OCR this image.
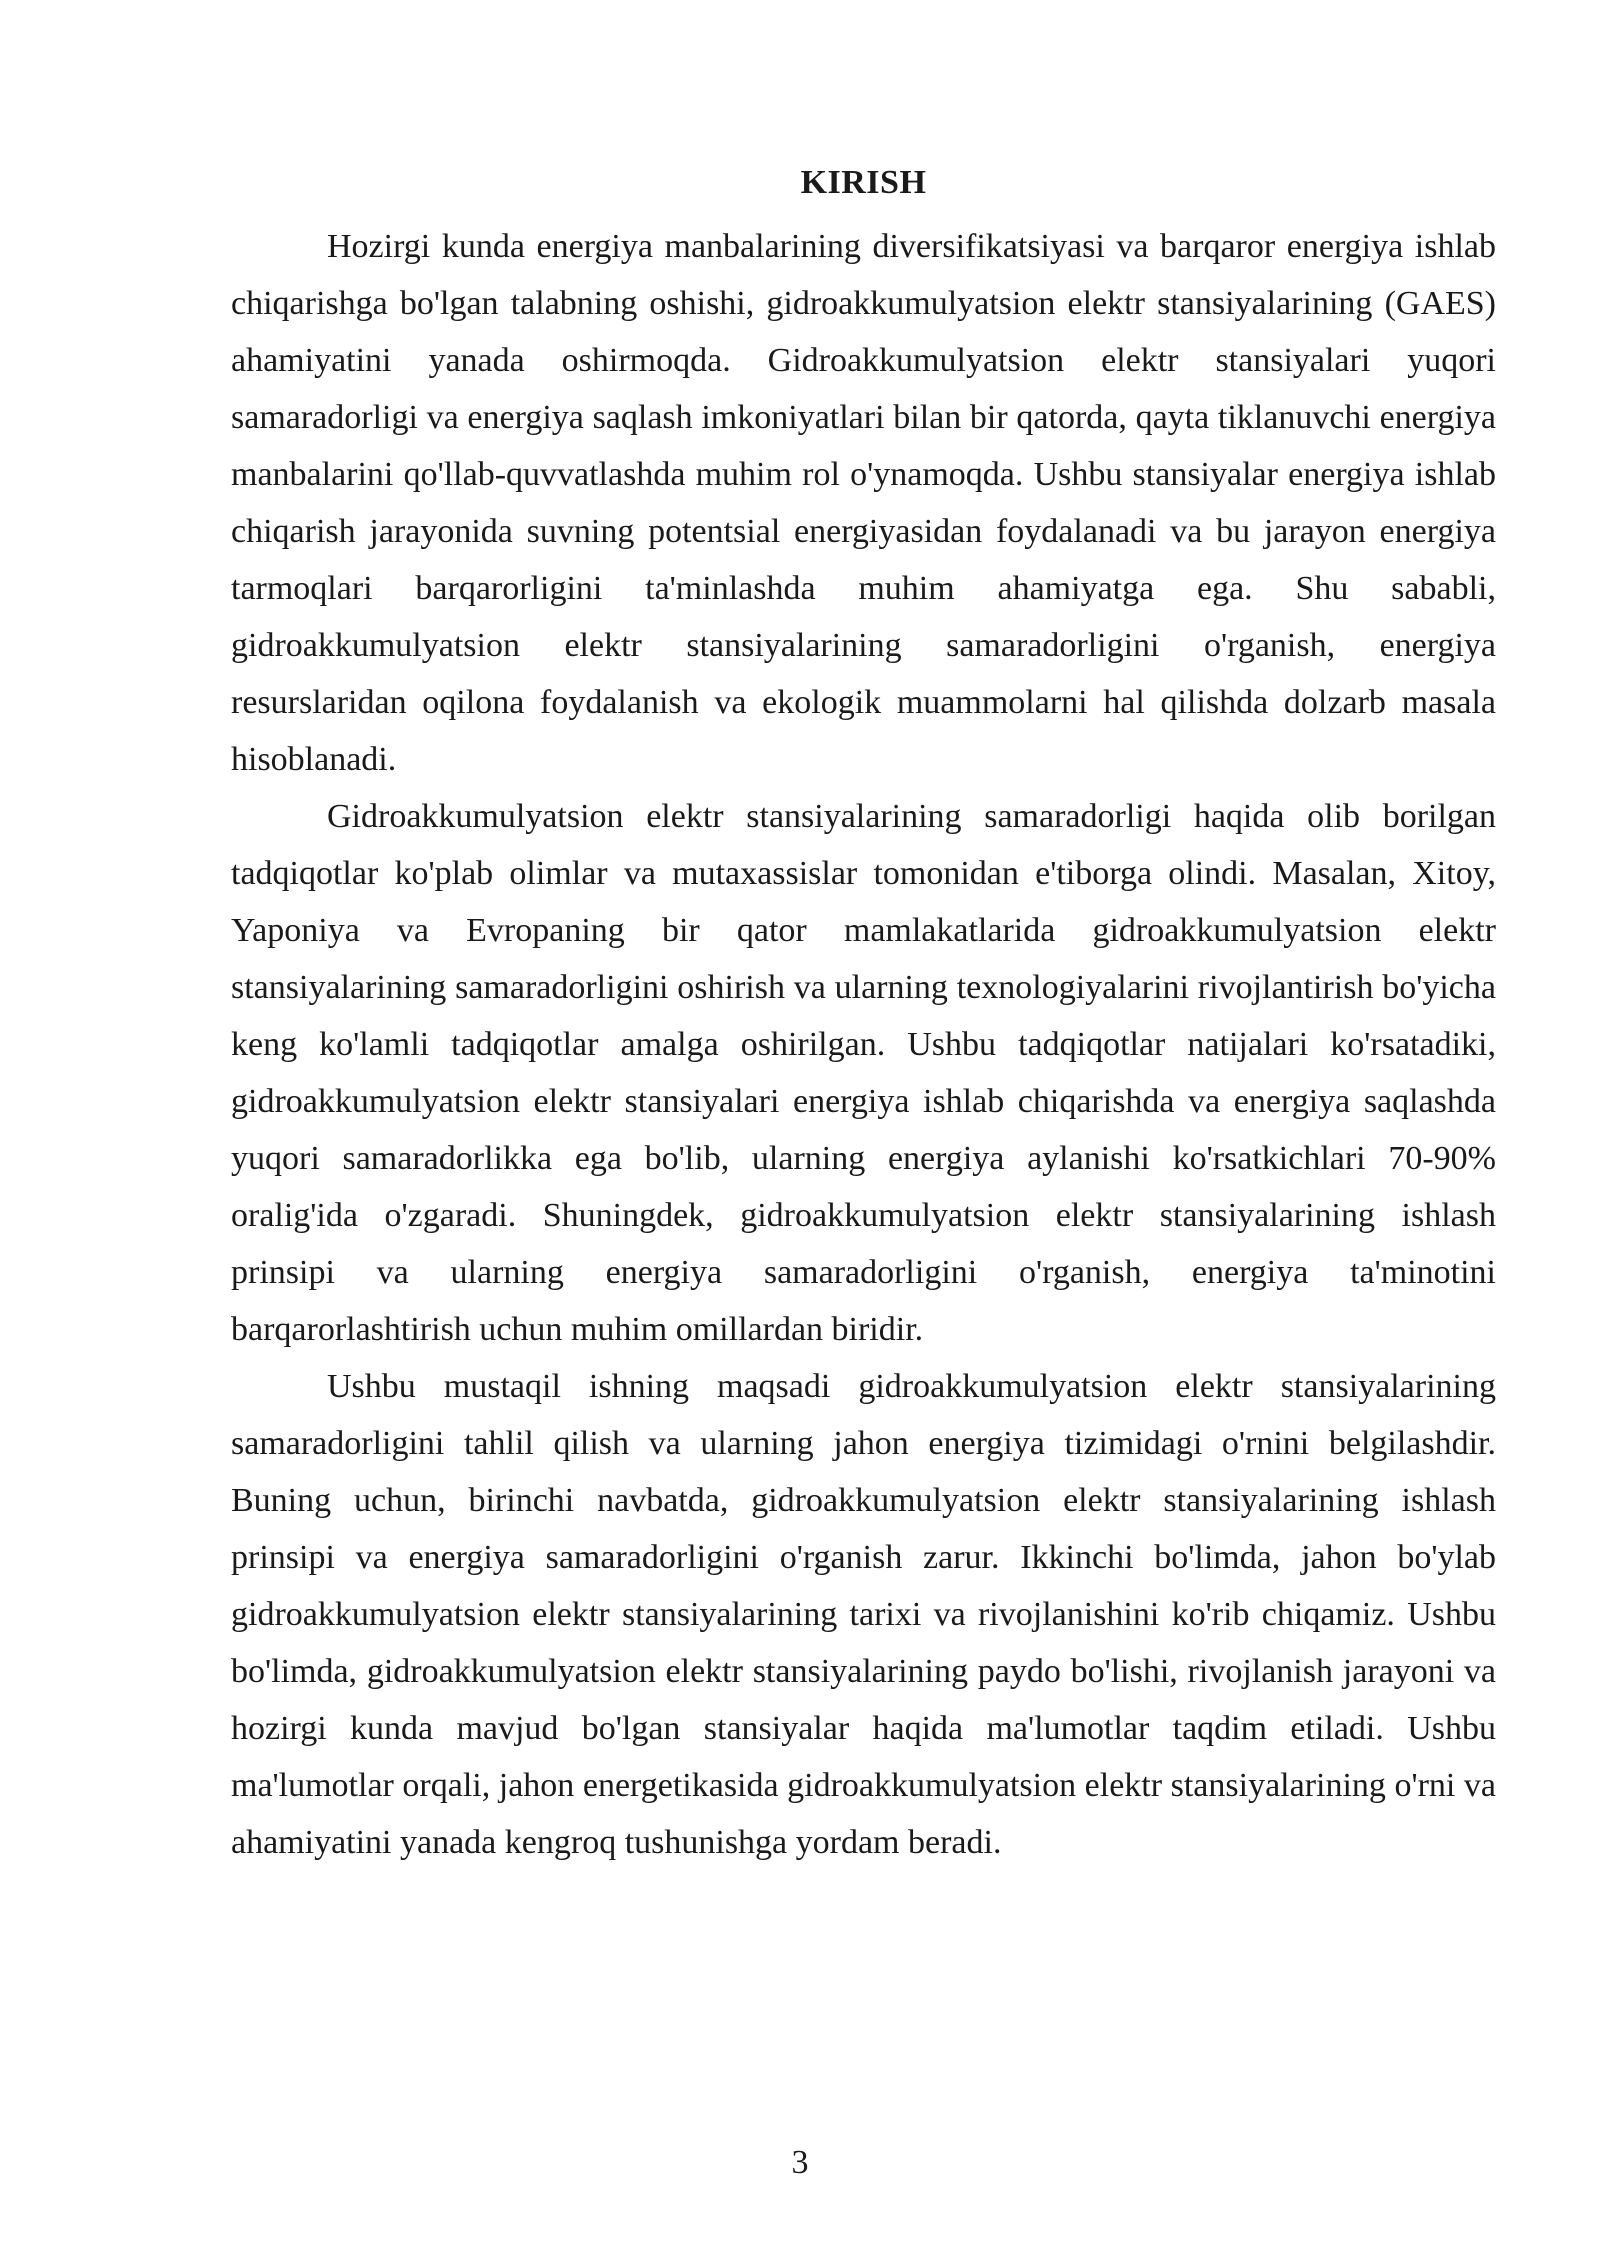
KIRISH

Hozirgi kunda energiya manbalarining diversifikatsiyasi va barqaror energiya ishlab chiqarishga bo'lgan talabning oshishi, gidroakkumulyatsion elektr stansiyalarining (GAES) ahamiyatini yanada oshirmoqda. Gidroakkumulyatsion elektr stansiyalari yuqori samaradorligi va energiya saqlash imkoniyatlari bilan bir qatorda, qayta tiklanuvchi energiya manbalarini qo'llab-quvvatlashda muhim rol o'ynamoqda. Ushbu stansiyalar energiya ishlab chiqarish jarayonida suvning potentsial energiyasidan foydalanadi va bu jarayon energiya tarmoqlari barqarorligini ta'minlashda muhim ahamiyatga ega. Shu sababli, gidroakkumulyatsion elektr stansiyalarining samaradorligini o'rganish, energiya resurslaridan oqilona foydalanish va ekologik muammolarni hal qilishda dolzarb masala hisoblanadi.

Gidroakkumulyatsion elektr stansiyalarining samaradorligi haqida olib borilgan tadqiqotlar ko'plab olimlar va mutaxassislar tomonidan e'tiborga olindi. Masalan, Xitoy, Yaponiya va Evropaning bir qator mamlakatlarida gidroakkumulyatsion elektr stansiyalarining samaradorligini oshirish va ularning texnologiyalarini rivojlantirish bo'yicha keng ko'lamli tadqiqotlar amalga oshirilgan. Ushbu tadqiqotlar natijalari ko'rsatadiki, gidroakkumulyatsion elektr stansiyalari energiya ishlab chiqarishda va energiya saqlashda yuqori samaradorlikka ega bo'lib, ularning energiya aylanishi ko'rsatkichlari 70-90% oralig'ida o'zgaradi. Shuningdek, gidroakkumulyatsion elektr stansiyalarining ishlash prinsipi va ularning energiya samaradorligini o'rganish, energiya ta'minotini barqarorlashtirish uchun muhim omillardan biridir.

Ushbu mustaqil ishning maqsadi gidroakkumulyatsion elektr stansiyalarining samaradorligini tahlil qilish va ularning jahon energiya tizimidagi o'rnini belgilashdir. Buning uchun, birinchi navbatda, gidroakkumulyatsion elektr stansiyalarining ishlash prinsipi va energiya samaradorligini o'rganish zarur. Ikkinchi bo'limda, jahon bo'ylab gidroakkumulyatsion elektr stansiyalarining tarixi va rivojlanishini ko'rib chiqamiz. Ushbu bo'limda, gidroakkumulyatsion elektr stansiyalarining paydo bo'lishi, rivojlanish jarayoni va hozirgi kunda mavjud bo'lgan stansiyalar haqida ma'lumotlar taqdim etiladi. Ushbu ma'lumotlar orqali, jahon energetikasida gidroakkumulyatsion elektr stansiyalarining o'rni va ahamiyatini yanada kengroq tushunishga yordam beradi.

3
